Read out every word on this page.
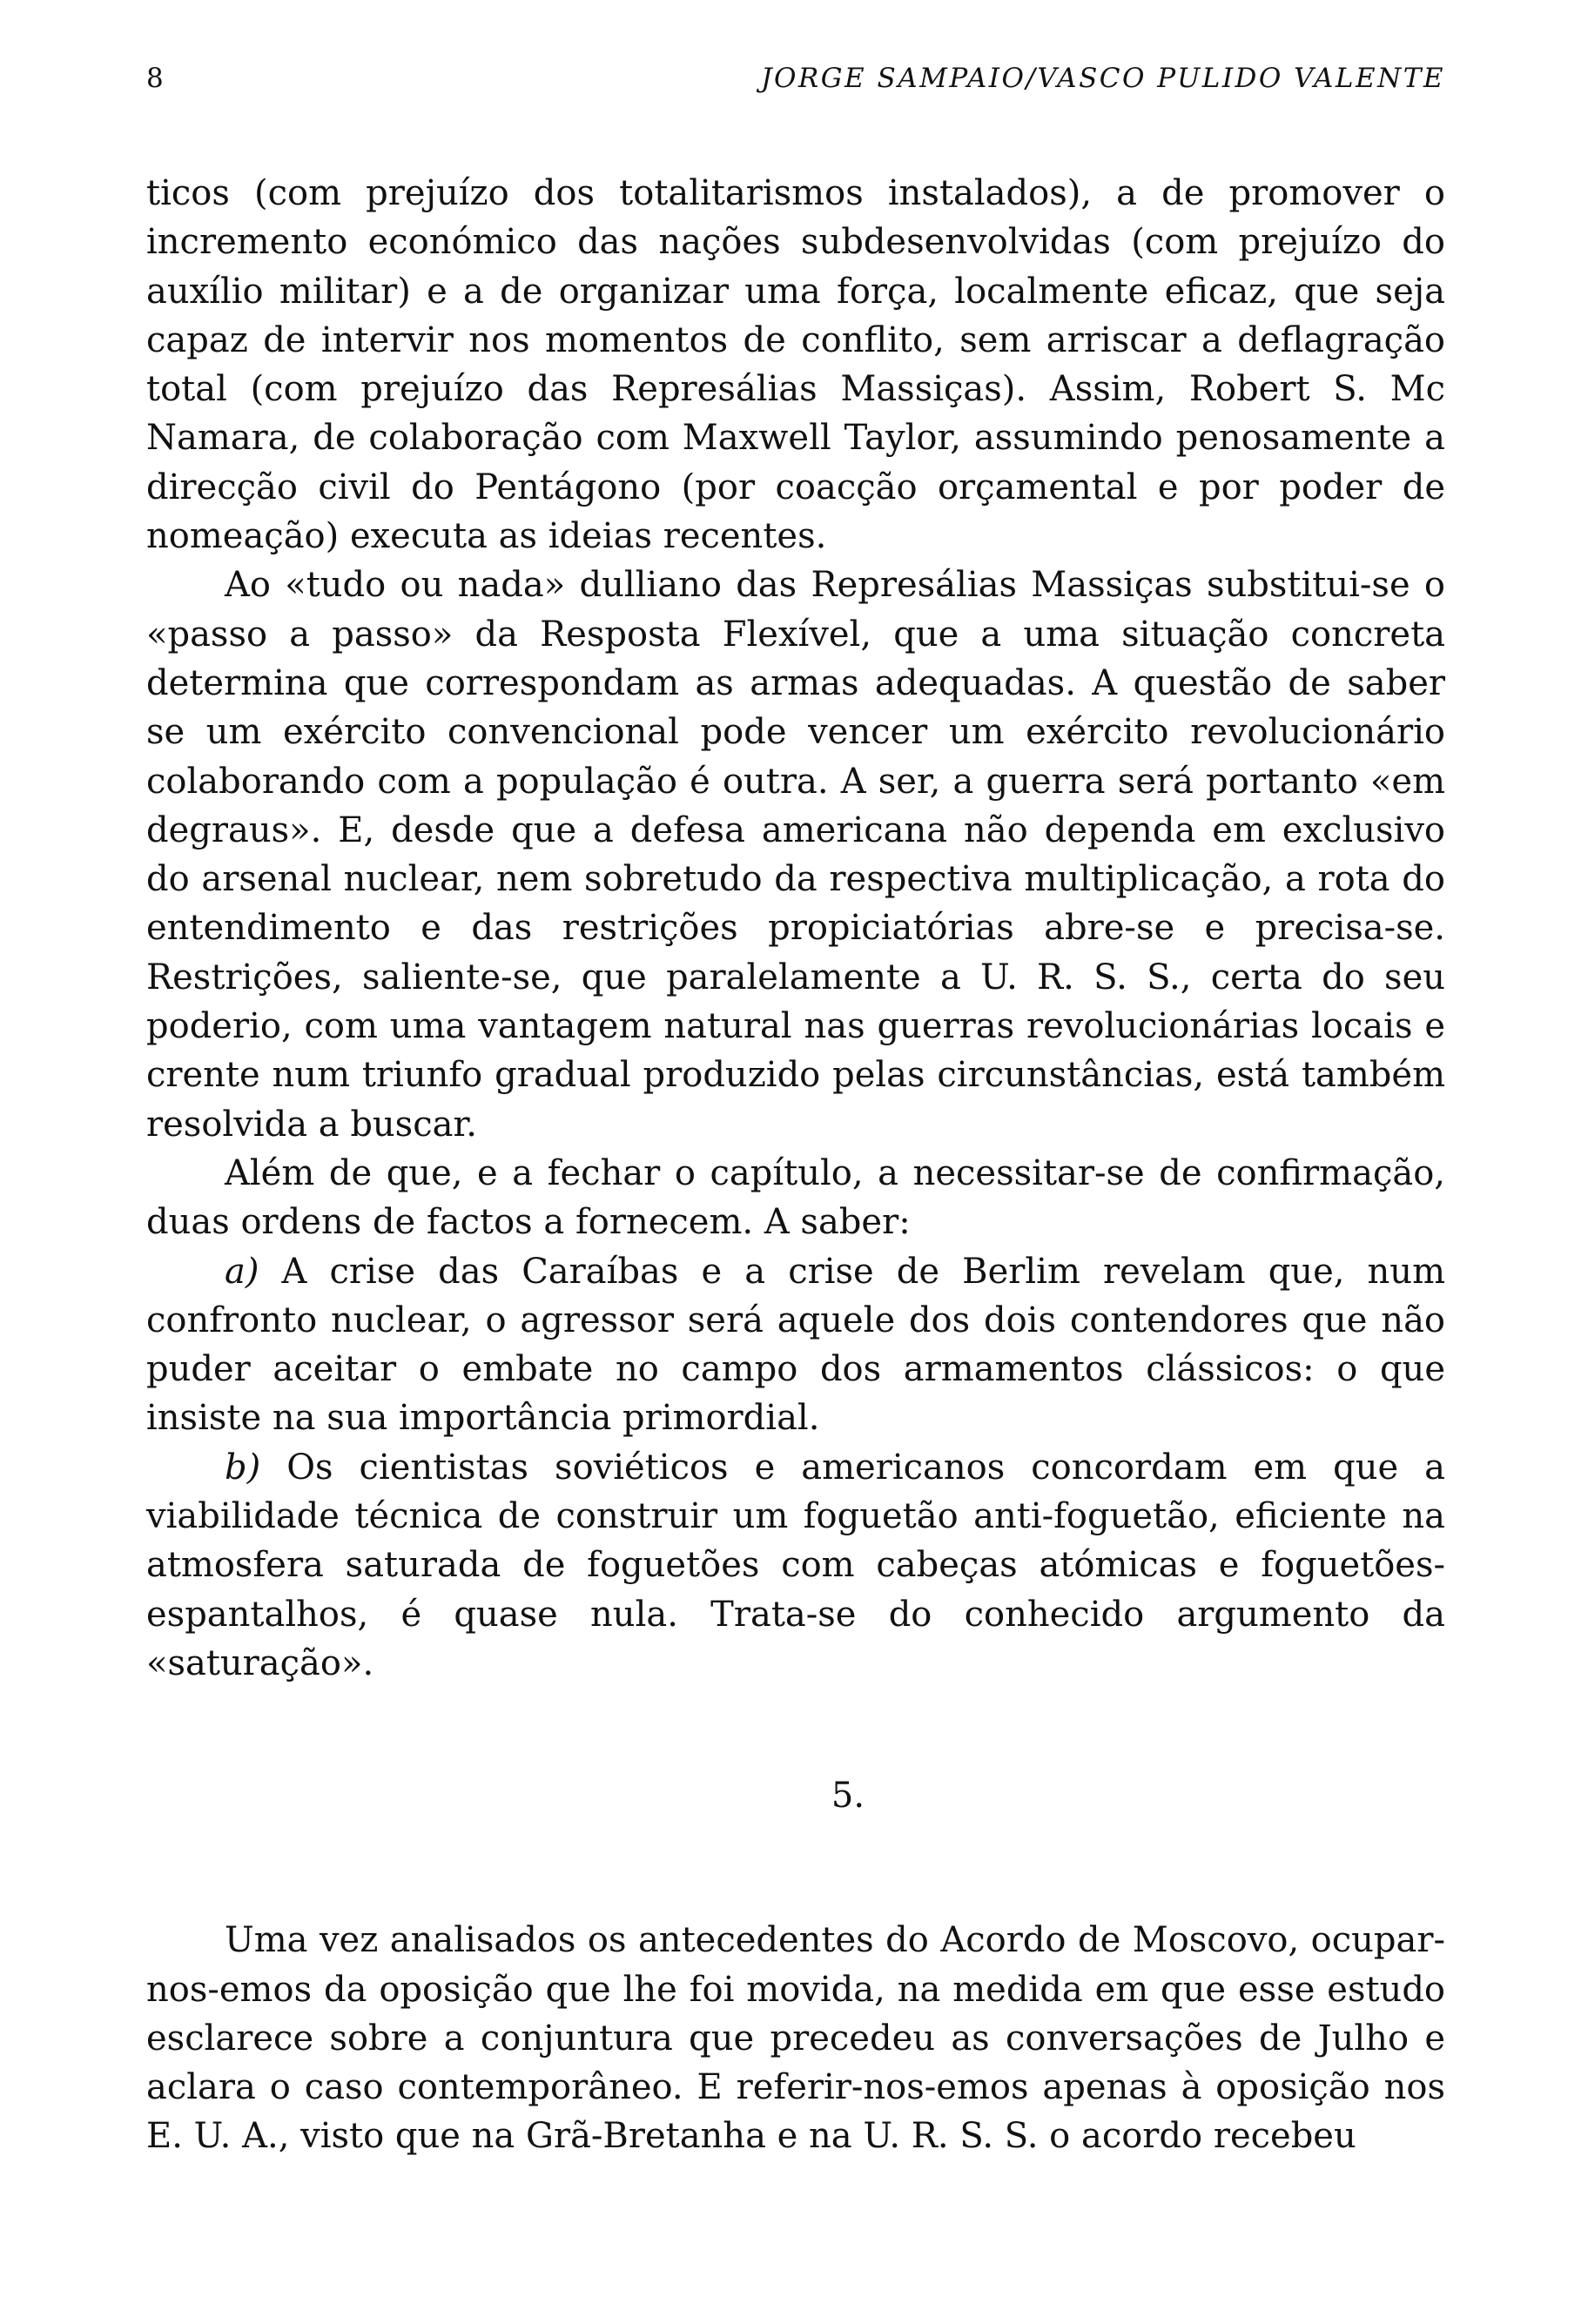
8	JORGE SAMPAIO/VASCO PULIDO VALENTE

ticos (com prejuízo dos totalitarismos instalados), a de promover o incremento económico das nações subdesenvolvidas (com prejuízo do auxílio militar) e a de organizar uma força, localmente eficaz, que seja capaz de intervir nos momentos de conflito, sem arriscar a deflagração total (com prejuízo das Represálias Massiças). Assim, Robert S. Mc Namara, de colaboração com Maxwell Taylor, assumindo penosamente a direcção civil do Pentágono (por coacção orçamental e por poder de nomeação) executa as ideias recentes.

Ao «tudo ou nada» dulliano das Represálias Massiças substitui-se o «passo a passo» da Resposta Flexível, que a uma situação concreta determina que correspondam as armas adequadas. A questão de saber se um exército convencional pode vencer um exército revolucionário colaborando com a população é outra. A ser, a guerra será portanto «em degraus». E, desde que a defesa americana não dependa em exclusivo do arsenal nuclear, nem sobretudo da respectiva multiplicação, a rota do entendimento e das restrições propiciatórias abre-se e precisa-se. Restrições, saliente-se, que paralelamente a U. R. S. S., certa do seu poderio, com uma vantagem natural nas guerras revolucionárias locais e crente num triunfo gradual produzido pelas circunstâncias, está também resolvida a buscar.

Além de que, e a fechar o capítulo, a necessitar-se de confirmação, duas ordens de factos a fornecem. A saber:

a) A crise das Caraíbas e a crise de Berlim revelam que, num confronto nuclear, o agressor será aquele dos dois contendores que não puder aceitar o embate no campo dos armamentos clássicos: o que insiste na sua importância primordial.

b) Os cientistas soviéticos e americanos concordam em que a viabilidade técnica de construir um foguetão anti-foguetão, eficiente na atmosfera saturada de foguetões com cabeças atómicas e foguetões-espantalhos, é quase nula. Trata-se do conhecido argumento da «saturação».

5.

Uma vez analisados os antecedentes do Acordo de Moscovo, ocupar-nos-emos da oposição que lhe foi movida, na medida em que esse estudo esclarece sobre a conjuntura que precedeu as conversações de Julho e aclara o caso contemporâneo. E referir-nos-emos apenas à oposição nos E. U. A., visto que na Grã-Bretanha e na U. R. S. S. o acordo recebeu
